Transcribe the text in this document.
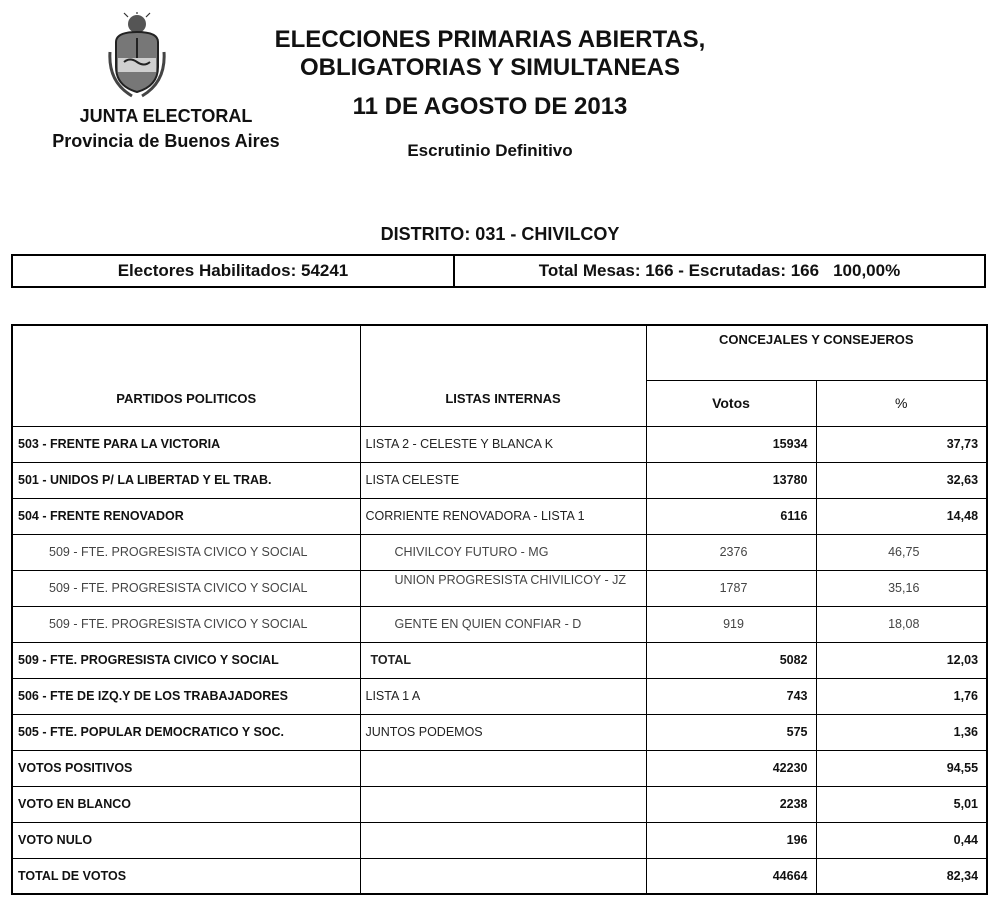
JUNTA ELECTORAL
Provincia de Buenos Aires
ELECCIONES PRIMARIAS ABIERTAS,
OBLIGATORIAS Y SIMULTANEAS
11 DE AGOSTO DE 2013
Escrutinio Definitivo
DISTRITO: 031 - CHIVILCOY
Electores Habilitados: 54241	Total Mesas: 166 - Escrutadas: 166 100,00%
PARTIDOS POLITICOS	LISTAS INTERNAS	CONCEJALES Y CONSEJEROS	
		Votos	%
503 - FRENTE PARA LA VICTORIA	LISTA 2 - CELESTE Y BLANCA K	15934	37,73
501 - UNIDOS P/ LA LIBERTAD Y EL TRAB.	LISTA CELESTE	13780	32,63
504 - FRENTE RENOVADOR	CORRIENTE RENOVADORA - LISTA 1	6116	14,48
509 - FTE. PROGRESISTA CIVICO Y SOCIAL	CHIVILCOY FUTURO - MG	2376	46,75
509 - FTE. PROGRESISTA CIVICO Y SOCIAL	UNION PROGRESISTA CHIVILICOY - JZ	1787	35,16
509 - FTE. PROGRESISTA CIVICO Y SOCIAL	GENTE EN QUIEN CONFIAR - D	919	18,08
509 - FTE. PROGRESISTA CIVICO Y SOCIAL	TOTAL	5082	12,03
506 - FTE DE IZQ.Y DE LOS TRABAJADORES	LISTA 1 A	743	1,76
505 - FTE. POPULAR DEMOCRATICO Y SOC.	JUNTOS PODEMOS	575	1,36
VOTOS POSITIVOS		42230	94,55
VOTO EN BLANCO		2238	5,01
VOTO NULO		196	0,44
TOTAL DE VOTOS		44664	82,34
